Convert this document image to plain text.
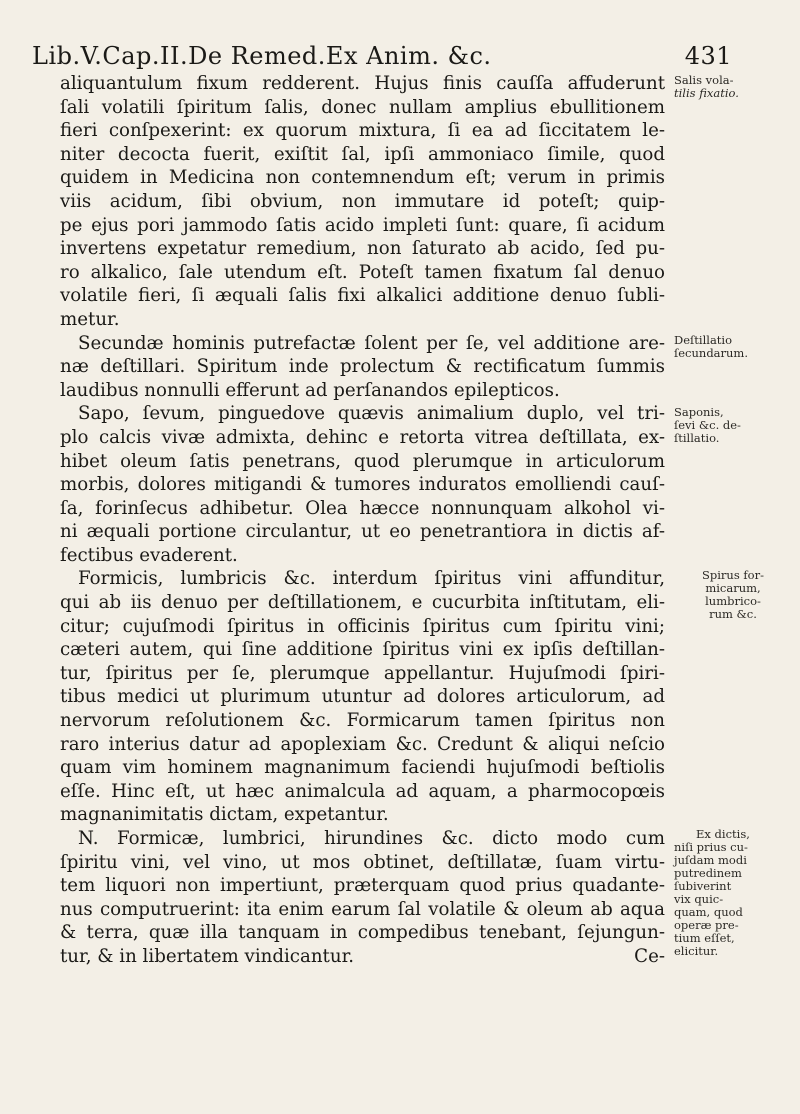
Lib.V.Cap.II.De Remed.Ex Anim. &c.	431
aliquantulum fixum redderent. Hujus finis cauſſa affuderunt
ſali volatili ſpiritum ſalis, donec nullam amplius ebullitionem
fieri conſpexerint: ex quorum mixtura, ſi ea ad ſiccitatem le-
niter decocta fuerit, exiſtit ſal, ipſi ammoniaco ſimile, quod
quidem in Medicina non contemnendum eſt; verum in primis
viis acidum, ſibi obvium, non immutare id poteſt; quip-
pe ejus pori jammodo ſatis acido impleti ſunt: quare, ſi acidum
invertens expetatur remedium, non ſaturato ab acido, ſed pu-
ro alkalico, ſale utendum eſt. Poteſt tamen fixatum ſal denuo
volatile fieri, ſi æquali ſalis fixi alkalici additione denuo ſubli-
metur.
Secundæ hominis putrefactæ ſolent per ſe, vel additione are-
næ deſtillari. Spiritum inde prolectum & rectificatum ſummis
laudibus nonnulli efferunt ad perſanandos epilepticos.
Sapo, ſevum, pinguedove quævis animalium duplo, vel tri-
plo calcis vivæ admixta, dehinc e retorta vitrea deſtillata, ex-
hibet oleum ſatis penetrans, quod plerumque in articulorum
morbis, dolores mitigandi & tumores induratos emolliendi cauſ-
ſa, forinſecus adhibetur. Olea hæcce nonnunquam alkohol vi-
ni æquali portione circulantur, ut eo penetrantiora in dictis af-
fectibus evaderent.
Formicis, lumbricis &c. interdum ſpiritus vini affunditur,
qui ab iis denuo per deſtillationem, e cucurbita inſtitutam, eli-
citur; cujuſmodi ſpiritus in officinis ſpiritus cum ſpiritu vini;
cæteri autem, qui ſine additione ſpiritus vini ex ipſis deſtillan-
tur, ſpiritus per ſe, plerumque appellantur. Hujuſmodi ſpiri-
tibus medici ut plurimum utuntur ad dolores articulorum, ad
nervorum reſolutionem &c. Formicarum tamen ſpiritus non
raro interius datur ad apoplexiam &c. Credunt & aliqui neſcio
quam vim hominem magnanimum faciendi hujuſmodi beſtiolis
eſſe. Hinc eſt, ut hæc animalcula ad aquam, a pharmocopœis
magnanimitatis dictam, expetantur.
N. Formicæ, lumbrici, hirundines &c. dicto modo cum
ſpiritu vini, vel vino, ut mos obtinet, deſtillatæ, ſuam virtu-
tem liquori non impertiunt, præterquam quod prius quadante-
nus computruerint: ita enim earum ſal volatile & oleum ab aqua
& terra, quæ illa tanquam in compedibus tenebant, ſejungun-
tur, & in libertatem vindicantur.	Ce-
Salis vola-
tilis fixatio.
Deſtillatio
ſecundarum.
Saponis,
ſevi &c. de-
ſtillatio.
Spirus for-
micarum,
lumbrico-
rum &c.
Ex dictis,
niſi prius cu-
juſdam modi
putredinem
ſubiverint
vix quic-
quam, quod
operæ pre-
tium eſſet,
elicitur.
